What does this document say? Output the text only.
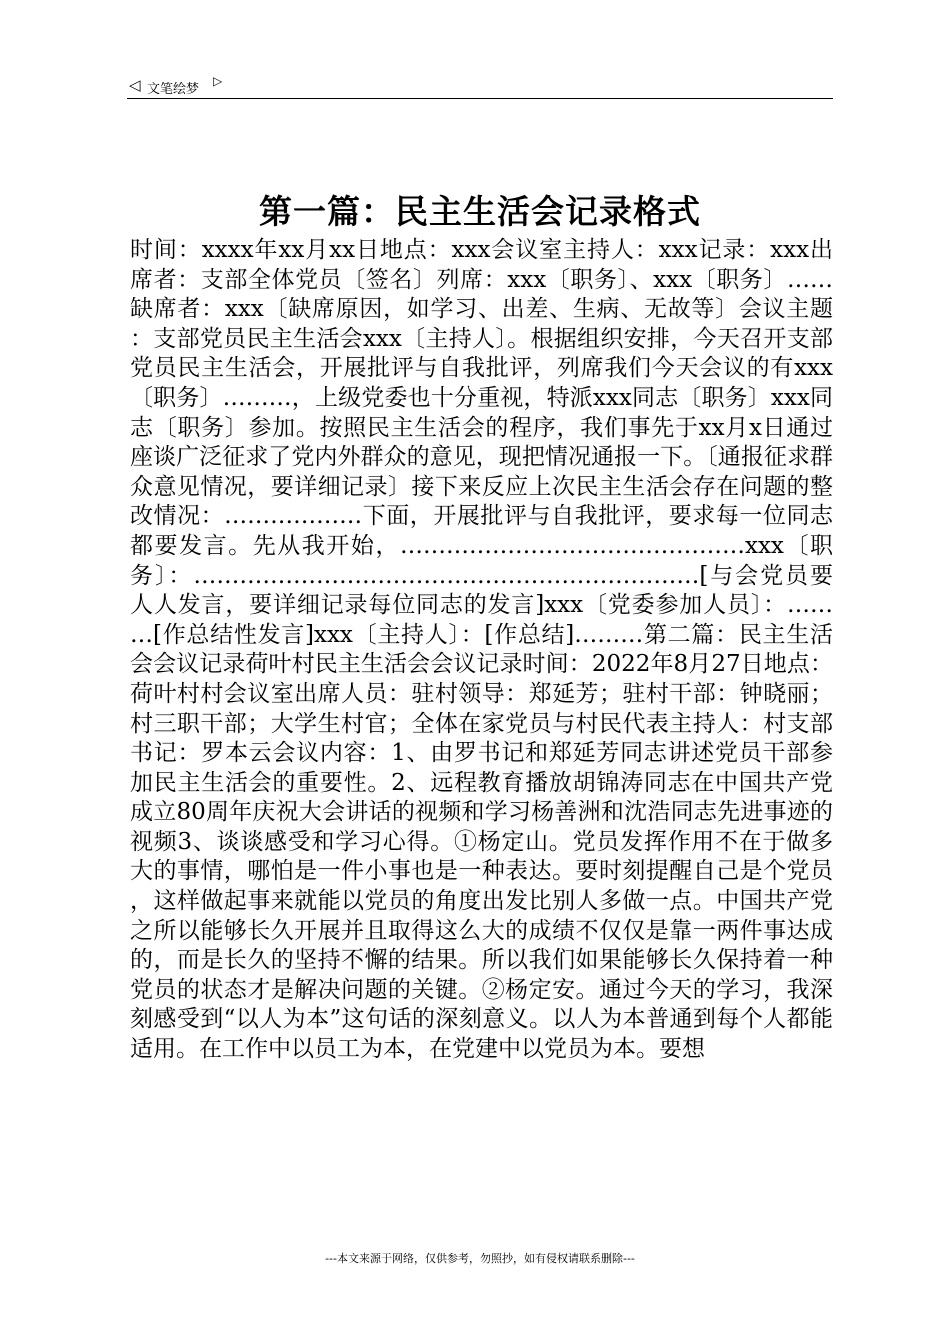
◁ 文笔绘梦
▷
第一篇：民主生活会记录格式
时间：xxxx年xx月xx日地点：xxx会议室主持人：xxx记录：xxx出席者：支部全体党员〔签名〕列席：xxx〔职务〕、xxx〔职务〕……缺席者：xxx〔缺席原因，如学习、出差、生病、无故等〕会议主题：支部党员民主生活会xxx〔主持人〕。根据组织安排，今天召开支部党员民主生活会，开展批评与自我批评，列席我们今天会议的有xxx〔职务〕………，上级党委也十分重视，特派xxx同志〔职务〕xxx同志〔职务〕参加。按照民主生活会的程序，我们事先于xx月x日通过座谈广泛征求了党内外群众的意见，现把情况通报一下。〔通报征求群众意见情况，要详细记录〕接下来反应上次民主生活会存在问题的整改情况：………………下面，开展批评与自我批评，要求每一位同志都要发言。先从我开始，………………………………………xxx〔职务〕：…………………………………………………………[与会党员要人人发言，要详细记录每位同志的发言]xxx〔党委参加人员〕：………[作总结性发言]xxx〔主持人〕：[作总结]………第二篇：民主生活会会议记录荷叶村民主生活会会议记录时间：2022年8月27日地点：荷叶村村会议室出席人员：驻村领导：郑延芳；驻村干部：钟晓丽；村三职干部；大学生村官；全体在家党员与村民代表主持人：村支部书记：罗本云会议内容：1、由罗书记和郑延芳同志讲述党员干部参加民主生活会的重要性。2、远程教育播放胡锦涛同志在中国共产党成立80周年庆祝大会讲话的视频和学习杨善洲和沈浩同志先进事迹的视频3、谈谈感受和学习心得。①杨定山。党员发挥作用不在于做多大的事情，哪怕是一件小事也是一种表达。要时刻提醒自己是个党员，这样做起事来就能以党员的角度出发比别人多做一点。中国共产党之所以能够长久开展并且取得这么大的成绩不仅仅是靠一两件事达成的，而是长久的坚持不懈的结果。所以我们如果能够长久保持着一种党员的状态才是解决问题的关键。②杨定安。通过今天的学习，我深刻感受到“以人为本”这句话的深刻意义。以人为本普通到每个人都能适用。在工作中以员工为本，在党建中以党员为本。要想
---本文来源于网络，仅供参考，勿照抄，如有侵权请联系删除---
